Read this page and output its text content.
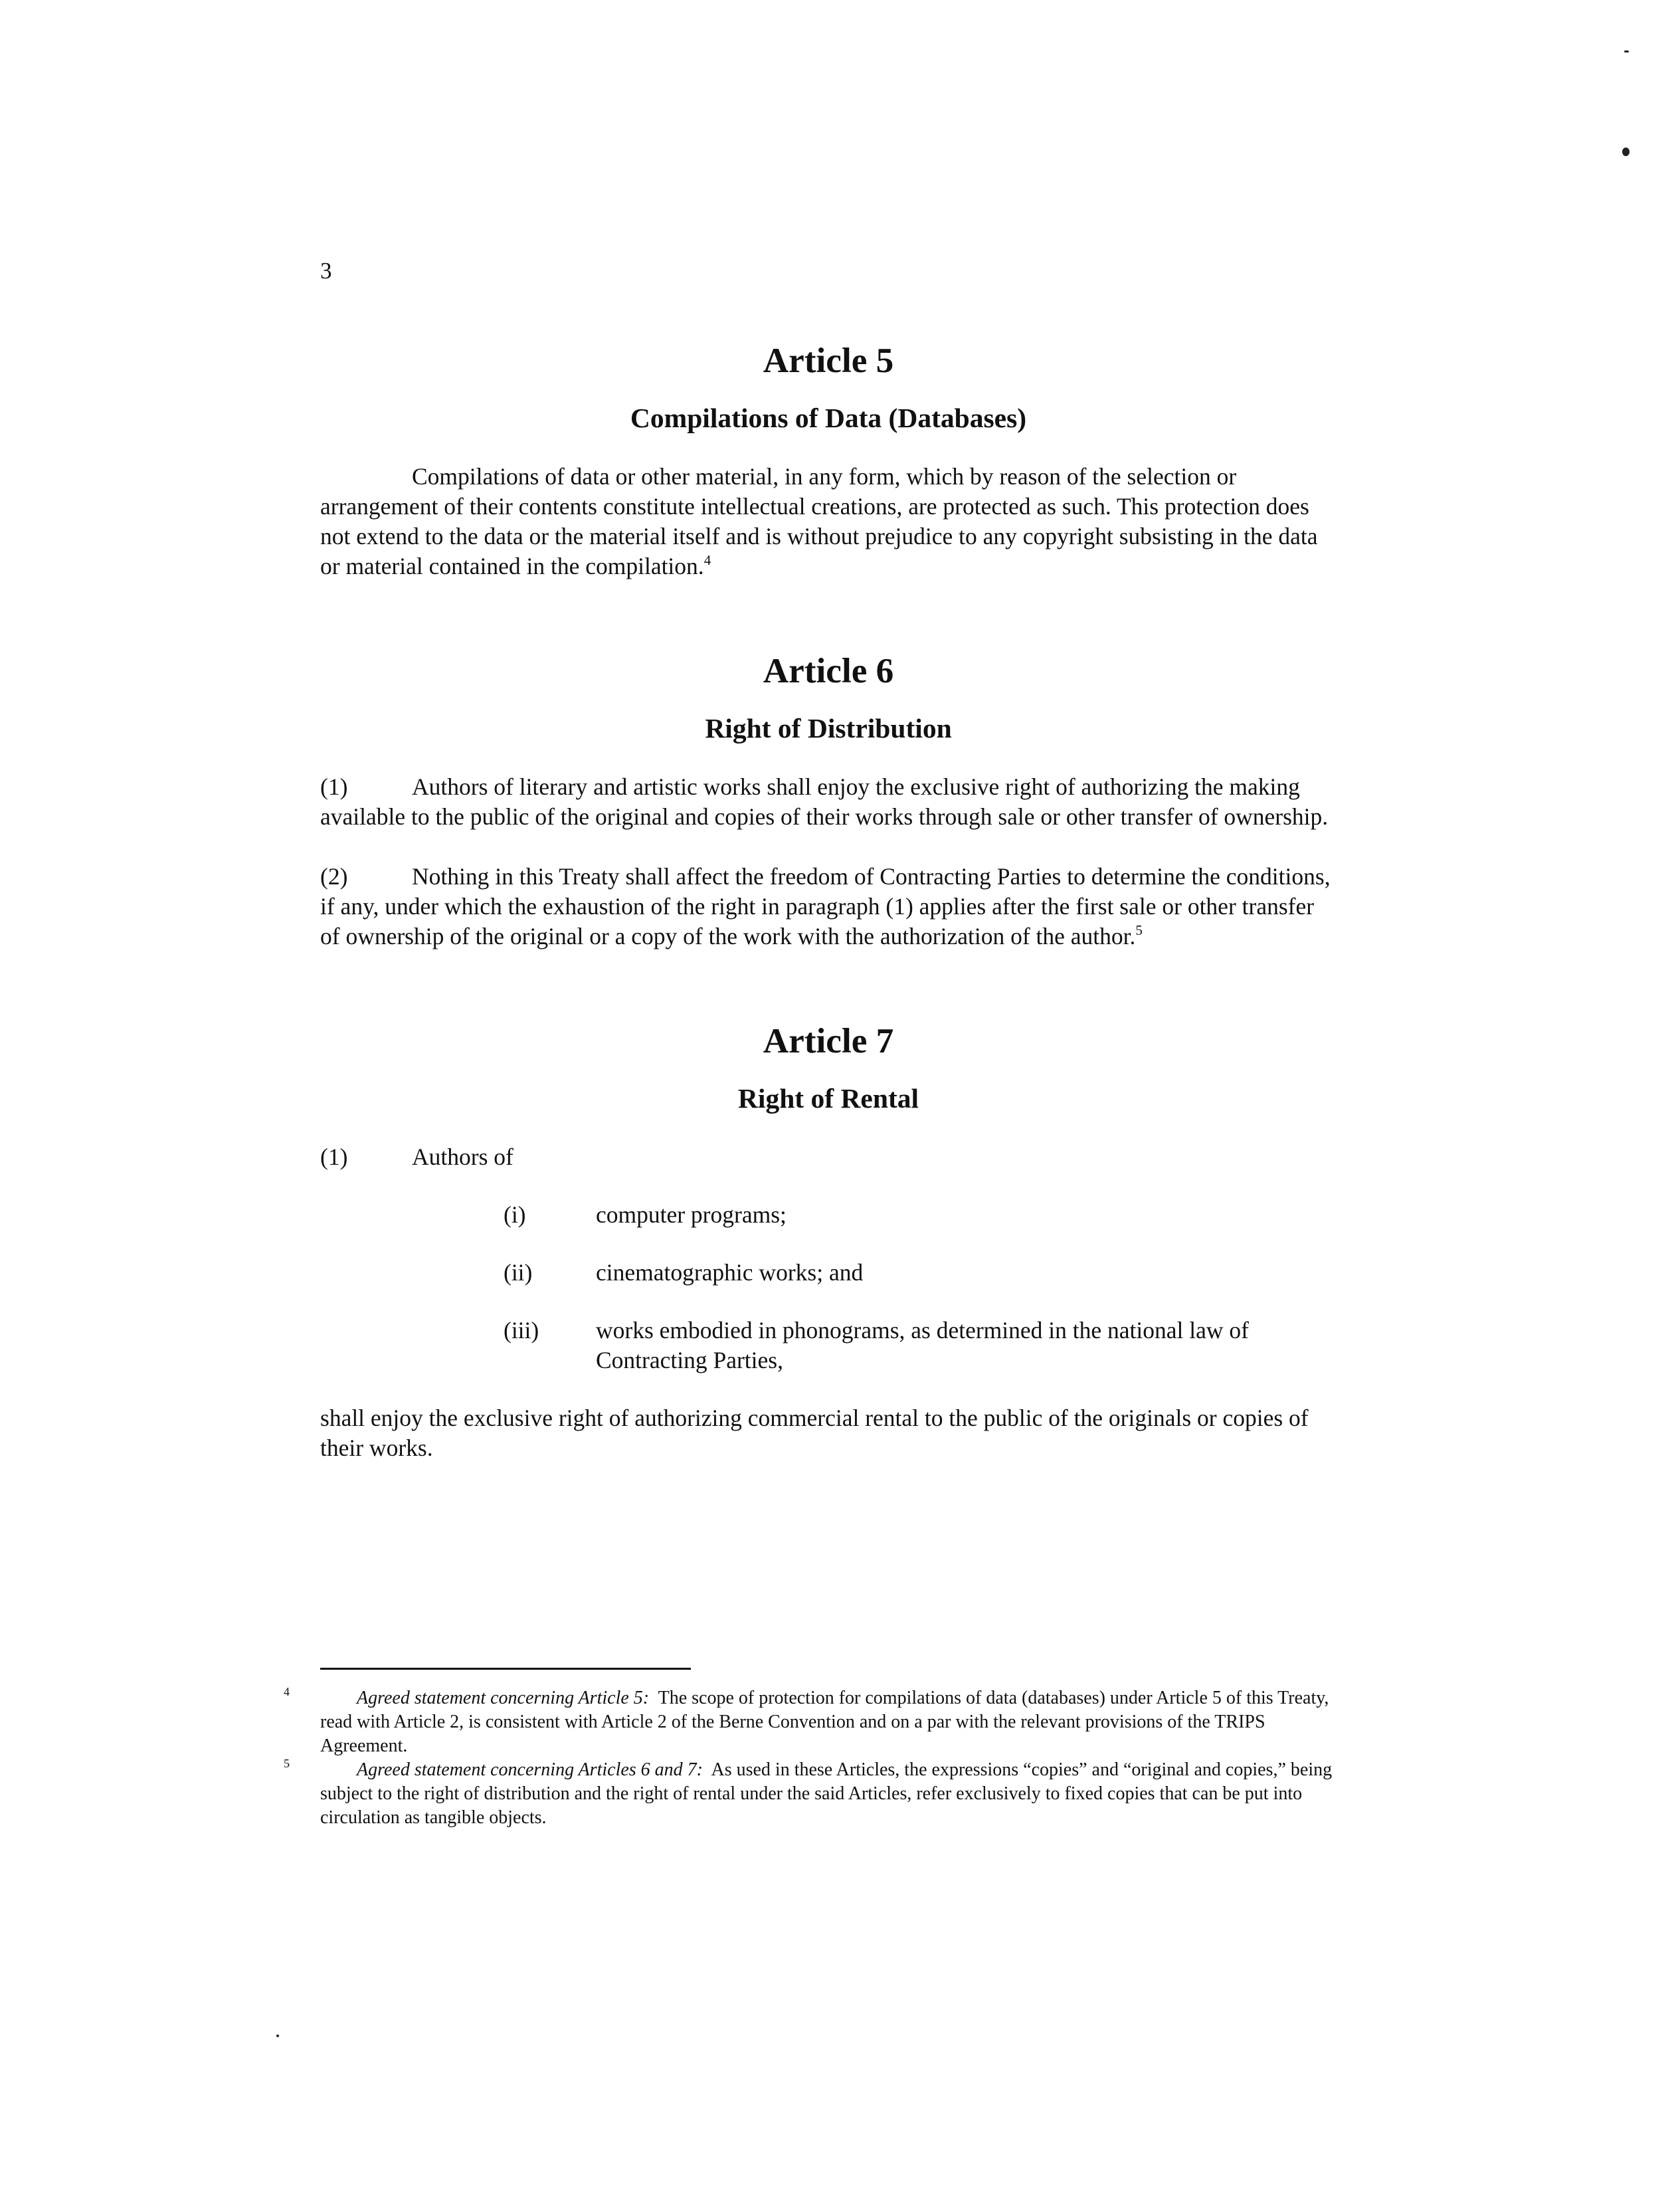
3
Article 5
Compilations of Data (Databases)

Compilations of data or other material, in any form, which by reason of the selection or arrangement of their contents constitute intellectual creations, are protected as such. This protection does not extend to the data or the material itself and is without prejudice to any copyright subsisting in the data or material contained in the compilation.$^4$

Article 6
Right of Distribution

(1)	Authors of literary and artistic works shall enjoy the exclusive right of authorizing the making available to the public of the original and copies of their works through sale or other transfer of ownership.

(2)	Nothing in this Treaty shall affect the freedom of Contracting Parties to determine the conditions, if any, under which the exhaustion of the right in paragraph (1) applies after the first sale or other transfer of ownership of the original or a copy of the work with the authorization of the author.$^5$

Article 7
Right of Rental

(1)	Authors of

(i)	computer programs;
(ii)	cinematographic works; and
(iii)	works embodied in phonograms, as determined in the national law of Contracting Parties,

shall enjoy the exclusive right of authorizing commercial rental to the public of the originals or copies of their works.

4	Agreed statement concerning Article 5: The scope of protection for compilations of data (databases) under Article 5 of this Treaty, read with Article 2, is consistent with Article 2 of the Berne Convention and on a par with the relevant provisions of the TRIPS Agreement.

5	Agreed statement concerning Articles 6 and 7: As used in these Articles, the expressions “copies” and “original and copies,” being subject to the right of distribution and the right of rental under the said Articles, refer exclusively to fixed copies that can be put into circulation as tangible objects.
